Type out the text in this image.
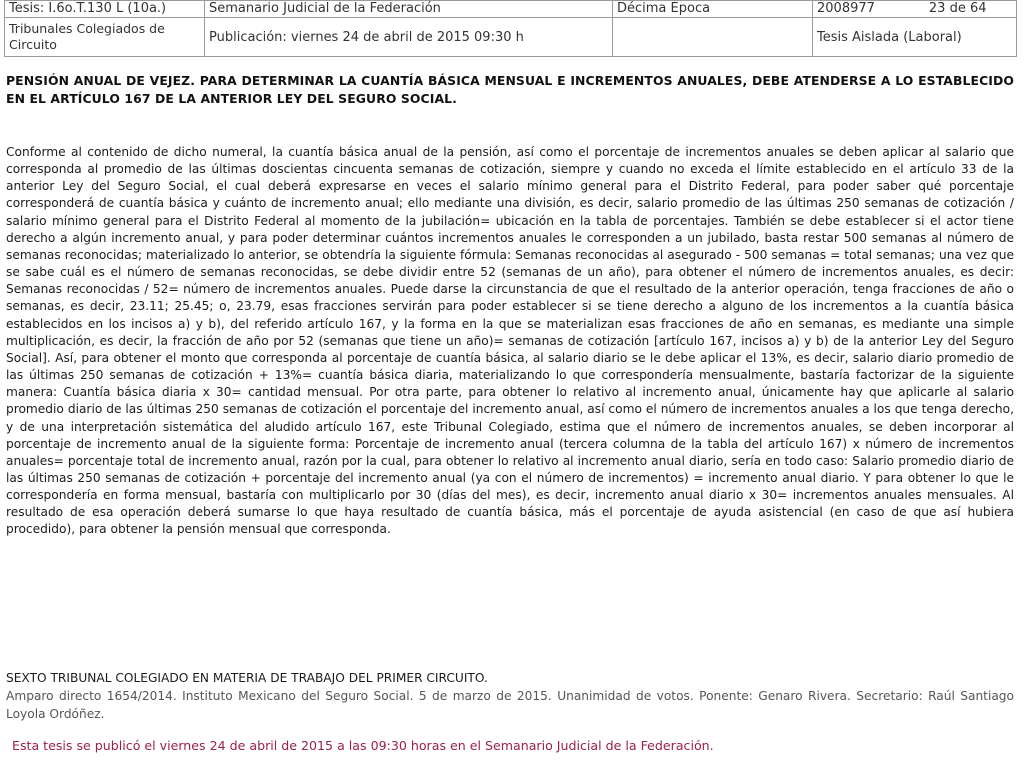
Tesis: I.6o.T.130 L (10a.)	Semanario Judicial de la Federación	Décima Época	2008977 23 de 64
Tribunales Colegiados de Circuito	Publicación: viernes 24 de abril de 2015 09:30 h		Tesis Aislada (Laboral)
PENSIÓN ANUAL DE VEJEZ. PARA DETERMINAR LA CUANTÍA BÁSICA MENSUAL E INCREMENTOS ANUALES, DEBE ATENDERSE A LO ESTABLECIDO EN EL ARTÍCULO 167 DE LA ANTERIOR LEY DEL SEGURO SOCIAL.
Conforme al contenido de dicho numeral, la cuantía básica anual de la pensión, así como el porcentaje de incrementos anuales se deben aplicar al salario que corresponda al promedio de las últimas doscientas cincuenta semanas de cotización, siempre y cuando no exceda el límite establecido en el artículo 33 de la anterior Ley del Seguro Social, el cual deberá expresarse en veces el salario mínimo general para el Distrito Federal, para poder saber qué porcentaje corresponderá de cuantía básica y cuánto de incremento anual; ello mediante una división, es decir, salario promedio de las últimas 250 semanas de cotización / salario mínimo general para el Distrito Federal al momento de la jubilación= ubicación en la tabla de porcentajes. También se debe establecer si el actor tiene derecho a algún incremento anual, y para poder determinar cuántos incrementos anuales le corresponden a un jubilado, basta restar 500 semanas al número de semanas reconocidas; materializado lo anterior, se obtendría la siguiente fórmula: Semanas reconocidas al asegurado - 500 semanas = total semanas; una vez que se sabe cuál es el número de semanas reconocidas, se debe dividir entre 52 (semanas de un año), para obtener el número de incrementos anuales, es decir: Semanas reconocidas / 52= número de incrementos anuales. Puede darse la circunstancia de que el resultado de la anterior operación, tenga fracciones de año o semanas, es decir, 23.11; 25.45; o, 23.79, esas fracciones servirán para poder establecer si se tiene derecho a alguno de los incrementos a la cuantía básica establecidos en los incisos a) y b), del referido artículo 167, y la forma en la que se materializan esas fracciones de año en semanas, es mediante una simple multiplicación, es decir, la fracción de año por 52 (semanas que tiene un año)= semanas de cotización [artículo 167, incisos a) y b) de la anterior Ley del Seguro Social]. Así, para obtener el monto que corresponda al porcentaje de cuantía básica, al salario diario se le debe aplicar el 13%, es decir, salario diario promedio de las últimas 250 semanas de cotización + 13%= cuantía básica diaria, materializando lo que correspondería mensualmente, bastaría factorizar de la siguiente manera: Cuantía básica diaria x 30= cantidad mensual. Por otra parte, para obtener lo relativo al incremento anual, únicamente hay que aplicarle al salario promedio diario de las últimas 250 semanas de cotización el porcentaje del incremento anual, así como el número de incrementos anuales a los que tenga derecho, y de una interpretación sistemática del aludido artículo 167, este Tribunal Colegiado, estima que el número de incrementos anuales, se deben incorporar al porcentaje de incremento anual de la siguiente forma: Porcentaje de incremento anual (tercera columna de la tabla del artículo 167) x número de incrementos anuales= porcentaje total de incremento anual, razón por la cual, para obtener lo relativo al incremento anual diario, sería en todo caso: Salario promedio diario de las últimas 250 semanas de cotización + porcentaje del incremento anual (ya con el número de incrementos) = incremento anual diario. Y para obtener lo que le correspondería en forma mensual, bastaría con multiplicarlo por 30 (días del mes), es decir, incremento anual diario x 30= incrementos anuales mensuales. Al resultado de esa operación deberá sumarse lo que haya resultado de cuantía básica, más el porcentaje de ayuda asistencial (en caso de que así hubiera procedido), para obtener la pensión mensual que corresponda.
SEXTO TRIBUNAL COLEGIADO EN MATERIA DE TRABAJO DEL PRIMER CIRCUITO.
Amparo directo 1654/2014. Instituto Mexicano del Seguro Social. 5 de marzo de 2015. Unanimidad de votos. Ponente: Genaro Rivera. Secretario: Raúl Santiago Loyola Ordóñez.
Esta tesis se publicó el viernes 24 de abril de 2015 a las 09:30 horas en el Semanario Judicial de la Federación.
